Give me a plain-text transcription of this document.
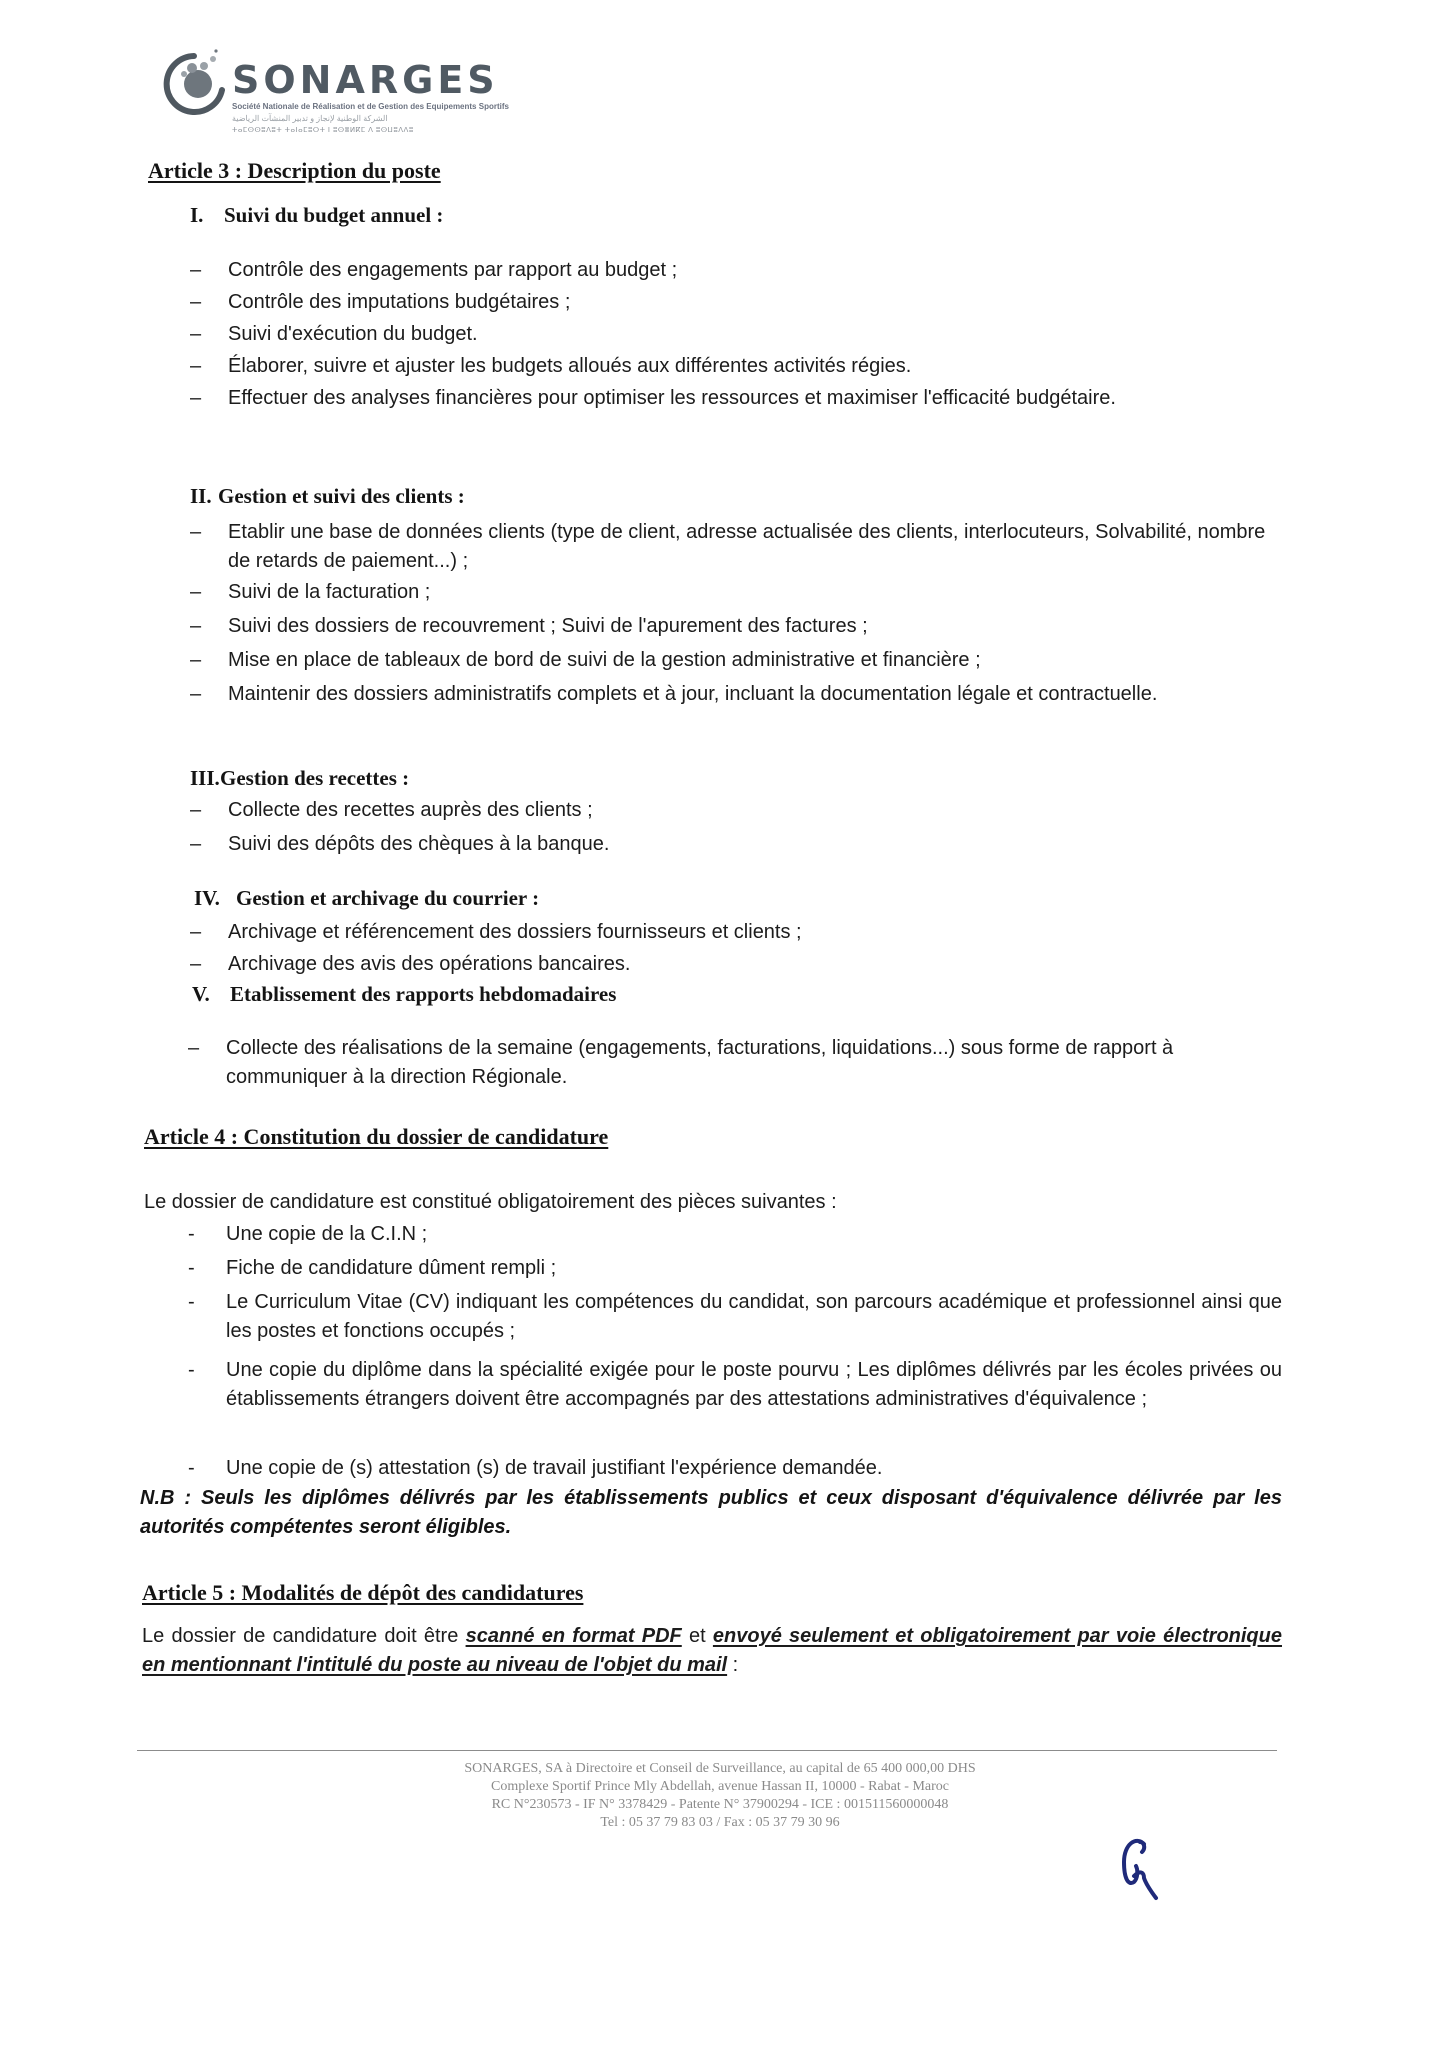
SONARGES
Société Nationale de Réalisation et de Gestion des Equipements Sportifs
الشركة الوطنية لإنجاز و تدبير المنشآت الرياضية
ⵜⴰⵎⵙⵙⵓⴷⵓⵜ ⵜⴰⵏⴰⵎⵓⵔⵜ ⵏ ⵓⵙⴻⵍⴽⵎ ⴷ ⵓⵙⵡⵓⴷⴷⵓ
Article 3 : Description du poste
I. Suivi du budget annuel :
– Contrôle des engagements par rapport au budget ;
– Contrôle des imputations budgétaires ;
– Suivi d'exécution du budget.
– Élaborer, suivre et ajuster les budgets alloués aux différentes activités régies.
– Effectuer des analyses financières pour optimiser les ressources et maximiser l'efficacité budgétaire.
II. Gestion et suivi des clients :
– Etablir une base de données clients (type de client, adresse actualisée des clients, interlocuteurs, Solvabilité, nombre de retards de paiement...) ;
– Suivi de la facturation ;
– Suivi des dossiers de recouvrement ; Suivi de l'apurement des factures ;
– Mise en place de tableaux de bord de suivi de la gestion administrative et financière ;
– Maintenir des dossiers administratifs complets et à jour, incluant la documentation légale et contractuelle.
III.Gestion des recettes :
– Collecte des recettes auprès des clients ;
– Suivi des dépôts des chèques à la banque.
IV. Gestion et archivage du courrier :
– Archivage et référencement des dossiers fournisseurs et clients ;
– Archivage des avis des opérations bancaires.
V. Etablissement des rapports hebdomadaires
– Collecte des réalisations de la semaine (engagements, facturations, liquidations...) sous forme de rapport à communiquer à la direction Régionale.
Article 4 : Constitution du dossier de candidature
Le dossier de candidature est constitué obligatoirement des pièces suivantes :
- Une copie de la C.I.N ;
- Fiche de candidature dûment rempli ;
- Le Curriculum Vitae (CV) indiquant les compétences du candidat, son parcours académique et professionnel ainsi que les postes et fonctions occupés ;
- Une copie du diplôme dans la spécialité exigée pour le poste pourvu ; Les diplômes délivrés par les écoles privées ou établissements étrangers doivent être accompagnés par des attestations administratives d'équivalence ;
- Une copie de (s) attestation (s) de travail justifiant l'expérience demandée.
N.B : Seuls les diplômes délivrés par les établissements publics et ceux disposant d'équivalence délivrée par les autorités compétentes seront éligibles.
Article 5 : Modalités de dépôt des candidatures
Le dossier de candidature doit être scanné en format PDF et envoyé seulement et obligatoirement par voie électronique en mentionnant l'intitulé du poste au niveau de l'objet du mail :
SONARGES, SA à Directoire et Conseil de Surveillance, au capital de 65 400 000,00 DHS
Complexe Sportif Prince Mly Abdellah, avenue Hassan II, 10000 - Rabat - Maroc
RC N°230573 - IF N° 3378429 - Patente N° 37900294 - ICE : 001511560000048
Tel : 05 37 79 83 03 / Fax : 05 37 79 30 96
